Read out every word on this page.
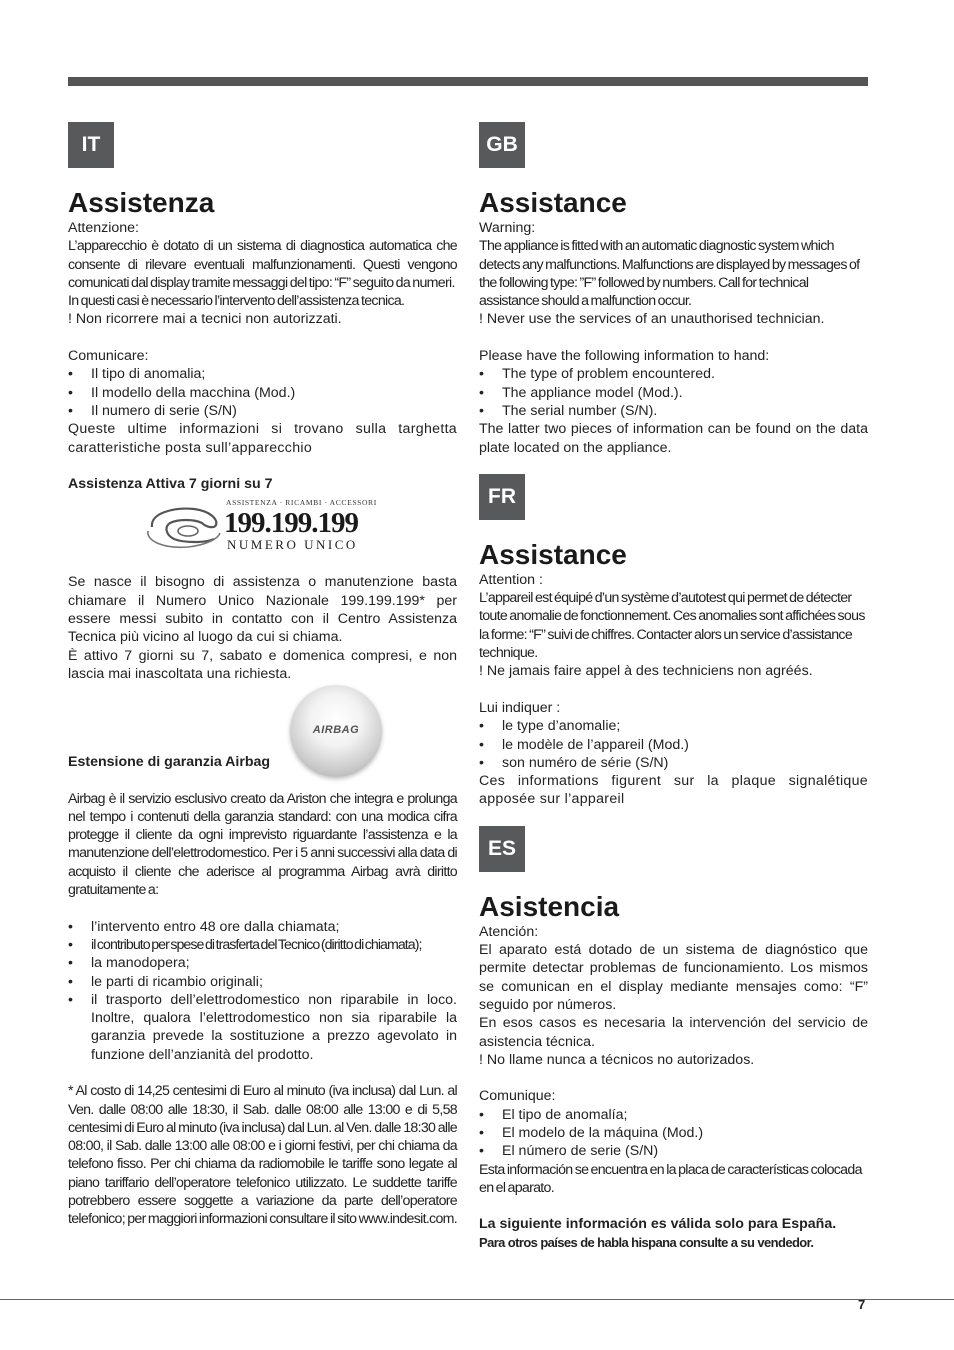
IT
Assistenza

Attenzione:

L’apparecchio è dotato di un sistema di diagnostica automatica che consente di rilevare eventuali malfunzionamenti. Questi vengono comunicati dal display tramite messaggi del tipo: “F” seguito da numeri.

In questi casi è necessario l’intervento dell’assistenza tecnica.

! Non ricorrere mai a tecnici non autorizzati.

Comunicare:

• Il tipo di anomalia;
• Il modello della macchina (Mod.)
• Il numero di serie (S/N)

Queste ultime informazioni si trovano sulla targhetta caratteristiche posta sull’apparecchio

Assistenza Attiva 7 giorni su 7

ASSISTENZA · RICAMBI · ACCESSORI
199.199.199
NUMERO UNICO

Se nasce il bisogno di assistenza o manutenzione basta chiamare il Numero Unico Nazionale 199.199.199* per essere messi subito in contatto con il Centro Assistenza Tecnica più vicino al luogo da cui si chiama.

È attivo 7 giorni su 7, sabato e domenica compresi, e non lascia mai inascoltata una richiesta.

AIRBAG

Estensione di garanzia Airbag

Airbag è il servizio esclusivo creato da Ariston che integra e prolunga nel tempo i contenuti della garanzia standard: con una modica cifra protegge il cliente da ogni imprevisto riguardante l’assistenza e la manutenzione dell’elettrodomestico. Per i 5 anni successivi alla data di acquisto il cliente che aderisce al programma Airbag avrà diritto gratuitamente a:

• l’intervento entro 48 ore dalla chiamata;
• il contributo per spese di trasferta del Tecnico (diritto di chiamata);
• la manodopera;
• le parti di ricambio originali;
• il trasporto dell’elettrodomestico non riparabile in loco. Inoltre, qualora l’elettrodomestico non sia riparabile la garanzia prevede la sostituzione a prezzo agevolato in funzione dell’anzianità del prodotto.

* Al costo di 14,25 centesimi di Euro al minuto (iva inclusa) dal Lun. al Ven. dalle 08:00 alle 18:30, il Sab. dalle 08:00 alle 13:00 e di 5,58 centesimi di Euro al minuto (iva inclusa) dal Lun. al Ven. dalle 18:30 alle 08:00, il Sab. dalle 13:00 alle 08:00 e i giorni festivi, per chi chiama da telefono fisso. Per chi chiama da radiomobile le tariffe sono legate al piano tariffario dell’operatore telefonico utilizzato. Le suddette tariffe potrebbero essere soggette a variazione da parte dell’operatore telefonico; per maggiori informazioni consultare il sito www.indesit.com.

GB
Assistance

Warning:

The appliance is fitted with an automatic diagnostic system which detects any malfunctions. Malfunctions are displayed by messages of the following type: ”F” followed by numbers. Call for technical assistance should a malfunction occur.

! Never use the services of an unauthorised technician.

Please have the following information to hand:

• The type of problem encountered.
• The appliance model (Mod.).
• The serial number (S/N).

The latter two pieces of information can be found on the data plate located on the appliance.

FR
Assistance

Attention :

L’appareil est équipé d’un système d’autotest qui permet de détecter toute anomalie de fonctionnement. Ces anomalies sont affichées sous la forme: “F” suivi de chiffres. Contacter alors un service d’assistance technique.

! Ne jamais faire appel à des techniciens non agréés.

Lui indiquer :

• le type d’anomalie;
• le modèle de l’appareil (Mod.)
• son numéro de série (S/N)

Ces informations figurent sur la plaque signalétique apposée sur l’appareil

ES
Asistencia

Atención:

El aparato está dotado de un sistema de diagnóstico que permite detectar problemas de funcionamiento. Los mismos se comunican en el display mediante mensajes como: “F” seguido por números.

En esos casos es necesaria la intervención del servicio de asistencia técnica.

! No llame nunca a técnicos no autorizados.

Comunique:

• El tipo de anomalía;
• El modelo de la máquina (Mod.)
• El número de serie (S/N)

Esta información se encuentra en la placa de características colocada en el aparato.

La siguiente información es válida solo para España.

Para otros países de habla hispana consulte a su vendedor.

7
